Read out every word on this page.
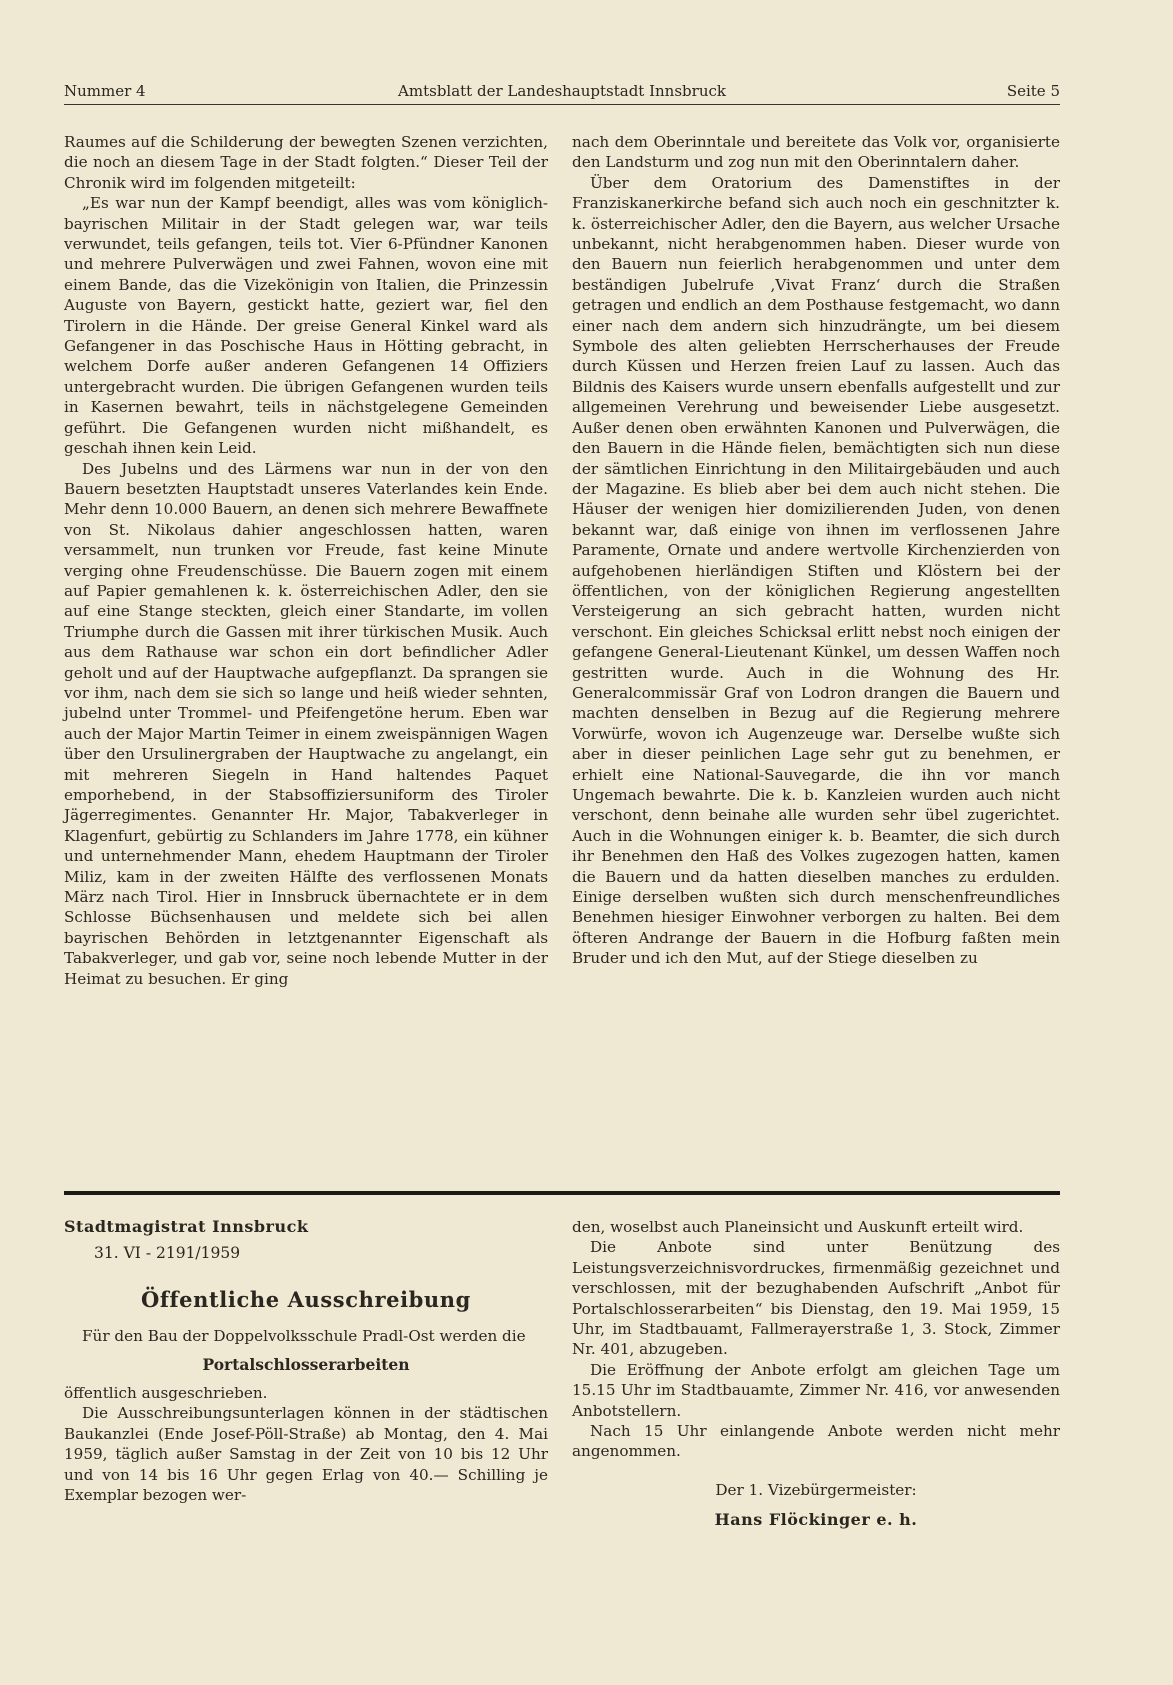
Nummer 4	Amtsblatt der Landeshauptstadt Innsbruck	Seite 5

Raumes auf die Schilderung der bewegten Szenen verzichten, die noch an diesem Tage in der Stadt folgten.“ Dieser Teil der Chronik wird im folgenden mitgeteilt:

„Es war nun der Kampf beendigt, alles was vom königlich-bayrischen Militair in der Stadt gelegen war, war teils verwundet, teils gefangen, teils tot. Vier 6-Pfündner Kanonen und mehrere Pulverwägen und zwei Fahnen, wovon eine mit einem Bande, das die Vizekönigin von Italien, die Prinzessin Auguste von Bayern, gestickt hatte, geziert war, fiel den Tirolern in die Hände. Der greise General Kinkel ward als Gefangener in das Poschische Haus in Hötting gebracht, in welchem Dorfe außer anderen Gefangenen 14 Offiziers untergebracht wurden. Die übrigen Gefangenen wurden teils in Kasernen bewahrt, teils in nächstgelegene Gemeinden geführt. Die Gefangenen wurden nicht mißhandelt, es geschah ihnen kein Leid.

Des Jubelns und des Lärmens war nun in der von den Bauern besetzten Hauptstadt unseres Vaterlandes kein Ende. Mehr denn 10.000 Bauern, an denen sich mehrere Bewaffnete von St. Nikolaus dahier angeschlossen hatten, waren versammelt, nun trunken vor Freude, fast keine Minute verging ohne Freudenschüsse. Die Bauern zogen mit einem auf Papier gemahlenen k. k. österreichischen Adler, den sie auf eine Stange steckten, gleich einer Standarte, im vollen Triumphe durch die Gassen mit ihrer türkischen Musik. Auch aus dem Rathause war schon ein dort befindlicher Adler geholt und auf der Hauptwache aufgepflanzt. Da sprangen sie vor ihm, nach dem sie sich so lange und heiß wieder sehnten, jubelnd unter Trommel- und Pfeifengetöne herum. Eben war auch der Major Martin Teimer in einem zweispännigen Wagen über den Ursulinergraben der Hauptwache zu angelangt, ein mit mehreren Siegeln in Hand haltendes Paquet emporhebend, in der Stabsoffiziersuniform des Tiroler Jägerregimentes. Genannter Hr. Major, Tabakverleger in Klagenfurt, gebürtig zu Schlanders im Jahre 1778, ein kühner und unternehmender Mann, ehedem Hauptmann der Tiroler Miliz, kam in der zweiten Hälfte des verflossenen Monats März nach Tirol. Hier in Innsbruck übernachtete er in dem Schlosse Büchsenhausen und meldete sich bei allen bayrischen Behörden in letztgenannter Eigenschaft als Tabakverleger, und gab vor, seine noch lebende Mutter in der Heimat zu besuchen. Er ging

nach dem Oberinntale und bereitete das Volk vor, organisierte den Landsturm und zog nun mit den Oberinntalern daher.

Über dem Oratorium des Damenstiftes in der Franziskanerkirche befand sich auch noch ein geschnitzter k. k. österreichischer Adler, den die Bayern, aus welcher Ursache unbekannt, nicht herabgenommen haben. Dieser wurde von den Bauern nun feierlich herabgenommen und unter dem beständigen Jubelrufe ‚Vivat Franz‘ durch die Straßen getragen und endlich an dem Posthause festgemacht, wo dann einer nach dem andern sich hinzudrängte, um bei diesem Symbole des alten geliebten Herrscherhauses der Freude durch Küssen und Herzen freien Lauf zu lassen. Auch das Bildnis des Kaisers wurde unsern ebenfalls aufgestellt und zur allgemeinen Verehrung und beweisender Liebe ausgesetzt. Außer denen oben erwähnten Kanonen und Pulverwägen, die den Bauern in die Hände fielen, bemächtigten sich nun diese der sämtlichen Einrichtung in den Militairgebäuden und auch der Magazine. Es blieb aber bei dem auch nicht stehen. Die Häuser der wenigen hier domizilierenden Juden, von denen bekannt war, daß einige von ihnen im verflossenen Jahre Paramente, Ornate und andere wertvolle Kirchenzierden von aufgehobenen hierländigen Stiften und Klöstern bei der öffentlichen, von der königlichen Regierung angestellten Versteigerung an sich gebracht hatten, wurden nicht verschont. Ein gleiches Schicksal erlitt nebst noch einigen der gefangene General-Lieutenant Künkel, um dessen Waffen noch gestritten wurde. Auch in die Wohnung des Hr. Generalcommissär Graf von Lodron drangen die Bauern und machten denselben in Bezug auf die Regierung mehrere Vorwürfe, wovon ich Augenzeuge war. Derselbe wußte sich aber in dieser peinlichen Lage sehr gut zu benehmen, er erhielt eine National-Sauvegarde, die ihn vor manch Ungemach bewahrte. Die k. b. Kanzleien wurden auch nicht verschont, denn beinahe alle wurden sehr übel zugerichtet. Auch in die Wohnungen einiger k. b. Beamter, die sich durch ihr Benehmen den Haß des Volkes zugezogen hatten, kamen die Bauern und da hatten dieselben manches zu erdulden. Einige derselben wußten sich durch menschenfreundliches Benehmen hiesiger Einwohner verborgen zu halten. Bei dem öfteren Andrange der Bauern in die Hofburg faßten mein Bruder und ich den Mut, auf der Stiege dieselben zu

Stadtmagistrat Innsbruck
31. VI - 2191/1959
Öffentliche Ausschreibung

Für den Bau der Doppelvolksschule Pradl-Ost werden die

Portalschlosserarbeiten

öffentlich ausgeschrieben.

Die Ausschreibungsunterlagen können in der städtischen Baukanzlei (Ende Josef-Pöll-Straße) ab Montag, den 4. Mai 1959, täglich außer Samstag in der Zeit von 10 bis 12 Uhr und von 14 bis 16 Uhr gegen Erlag von 40.— Schilling je Exemplar bezogen wer-

den, woselbst auch Planeinsicht und Auskunft erteilt wird.

Die Anbote sind unter Benützung des Leistungsverzeichnisvordruckes, firmenmäßig gezeichnet und verschlossen, mit der bezughabenden Aufschrift „Anbot für Portalschlosserarbeiten“ bis Dienstag, den 19. Mai 1959, 15 Uhr, im Stadtbauamt, Fallmerayerstraße 1, 3. Stock, Zimmer Nr. 401, abzugeben.

Die Eröffnung der Anbote erfolgt am gleichen Tage um 15.15 Uhr im Stadtbauamte, Zimmer Nr. 416, vor anwesenden Anbotstellern.

Nach 15 Uhr einlangende Anbote werden nicht mehr angenommen.

Der 1. Vizebürgermeister:
Hans Flöckinger e. h.
